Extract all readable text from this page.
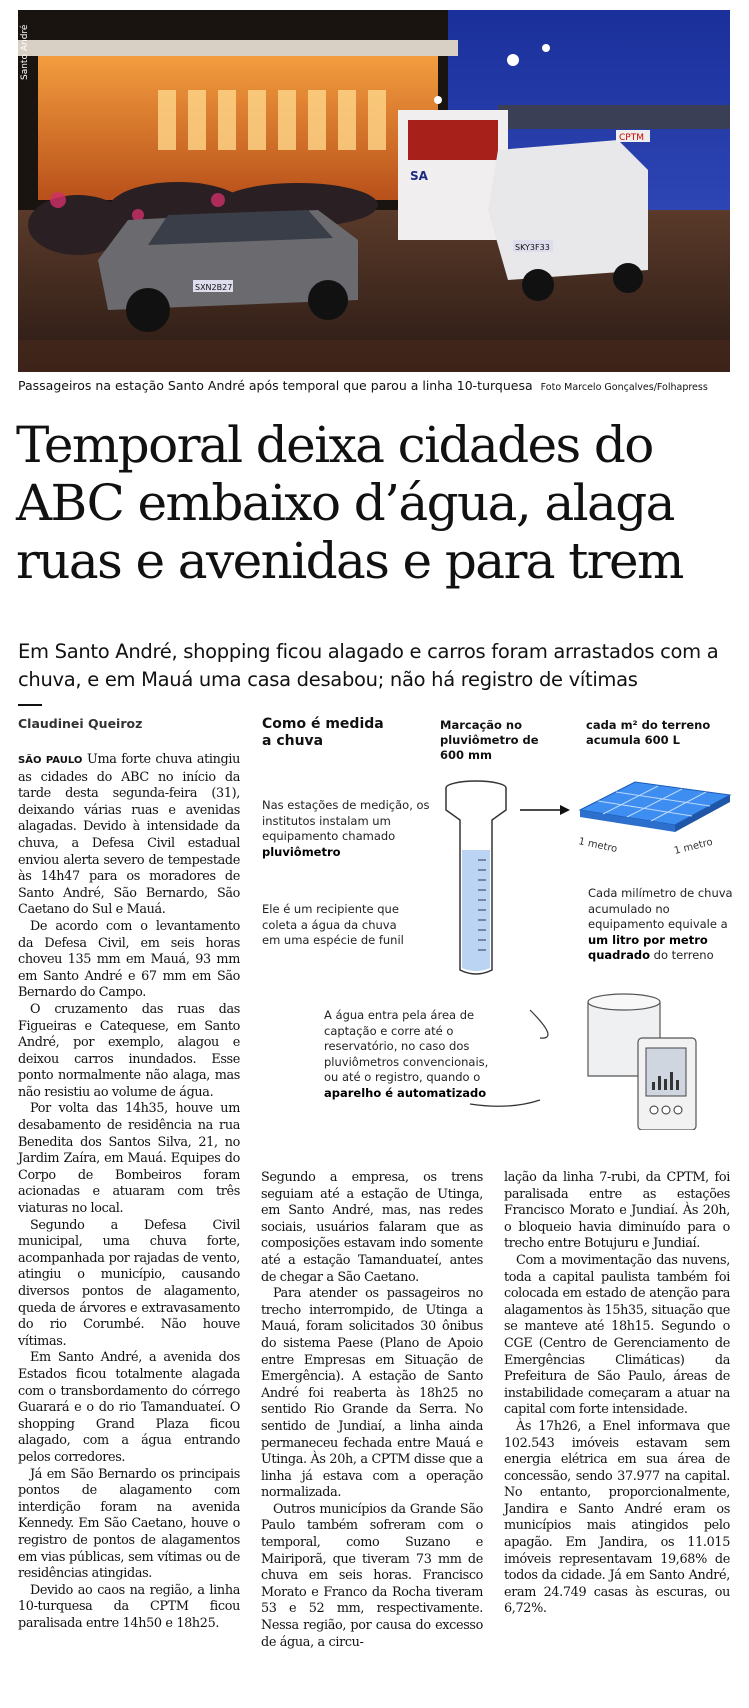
SXN2B27
SA
SKY3F33
CPTM
Santo André
Passageiros na estação Santo André após temporal que parou a linha 10-turquesa Foto Marcelo Gonçalves/Folhapress
Temporal deixa cidades do ABC embaixo d’água, alaga ruas e avenidas e para trem

Em Santo André, shopping ficou alagado e carros foram arrastados com a chuva, e em Mauá uma casa desabou; não há registro de vítimas

Claudinei Queiroz

SÃO PAULO Uma forte chuva atingiu as cidades do ABC no início da tarde desta segunda-feira (31), deixando várias ruas e avenidas alagadas. Devido à intensidade da chuva, a Defesa Civil estadual enviou alerta severo de tempestade às 14h47 para os moradores de Santo André, São Bernardo, São Caetano do Sul e Mauá.

De acordo com o levantamento da Defesa Civil, em seis horas choveu 135 mm em Mauá, 93 mm em Santo André e 67 mm em São Bernardo do Campo.

O cruzamento das ruas das Figueiras e Catequese, em Santo André, por exemplo, alagou e deixou carros inundados. Esse ponto normalmente não alaga, mas não resistiu ao volume de água.

Por volta das 14h35, houve um desabamento de residência na rua Benedita dos Santos Silva, 21, no Jardim Zaíra, em Mauá. Equipes do Corpo de Bombeiros foram acionadas e atuaram com três viaturas no local.

Segundo a Defesa Civil municipal, uma chuva forte, acompanhada por rajadas de vento, atingiu o município, causando diversos pontos de alagamento, queda de árvores e extravasamento do rio Corumbé. Não houve vítimas.

Em Santo André, a avenida dos Estados ficou totalmente alagada com o transbordamento do córrego Guarará e o do rio Tamanduateí. O shopping Grand Plaza ficou alagado, com a água entrando pelos corredores.

Já em São Bernardo os principais pontos de alagamento com interdição foram na avenida Kennedy. Em São Caetano, houve o registro de pontos de alagamentos em vias públicas, sem vítimas ou de residências atingidas.

Devido ao caos na região, a linha 10-turquesa da CPTM ficou paralisada entre 14h50 e 18h25.

Como é medida a chuva
Nas estações de medição, os institutos instalam um equipamento chamado pluviômetro
Ele é um recipiente que coleta a água da chuva em uma espécie de funil
Marcação no pluviômetro de 600 mm
cada m² do terreno acumula 600 L
1 metro	1 metro
Cada milímetro de chuva acumulado no equipamento equivale a um litro por metro quadrado do terreno
A água entra pela área de captação e corre até o reservatório, no caso dos pluviômetros convencionais, ou até o registro, quando o aparelho é automatizado

Segundo a empresa, os trens seguiam até a estação de Utinga, em Santo André, mas, nas redes sociais, usuários falaram que as composições estavam indo somente até a estação Tamanduateí, antes de chegar a São Caetano.

Para atender os passageiros no trecho interrompido, de Utinga a Mauá, foram solicitados 30 ônibus do sistema Paese (Plano de Apoio entre Empresas em Situação de Emergência). A estação de Santo André foi reaberta às 18h25 no sentido Rio Grande da Serra. No sentido de Jundiaí, a linha ainda permaneceu fechada entre Mauá e Utinga. Às 20h, a CPTM disse que a linha já estava com a operação normalizada.

Outros municípios da Grande São Paulo também sofreram com o temporal, como Suzano e Mairiporã, que tiveram 73 mm de chuva em seis horas. Francisco Morato e Franco da Rocha tiveram 53 e 52 mm, respectivamente. Nessa região, por causa do excesso de água, a circu-

lação da linha 7-rubi, da CPTM, foi paralisada entre as estações Francisco Morato e Jundiaí. Às 20h, o bloqueio havia diminuído para o trecho entre Botujuru e Jundiaí.

Com a movimentação das nuvens, toda a capital paulista também foi colocada em estado de atenção para alagamentos às 15h35, situação que se manteve até 18h15. Segundo o CGE (Centro de Gerenciamento de Emergências Climáticas) da Prefeitura de São Paulo, áreas de instabilidade começaram a atuar na capital com forte intensidade.

Às 17h26, a Enel informava que 102.543 imóveis estavam sem energia elétrica em sua área de concessão, sendo 37.977 na capital. No entanto, proporcionalmente, Jandira e Santo André eram os municípios mais atingidos pelo apagão. Em Jandira, os 11.015 imóveis representavam 19,68% de todos da cidade. Já em Santo André, eram 24.749 casas às escuras, ou 6,72%.
